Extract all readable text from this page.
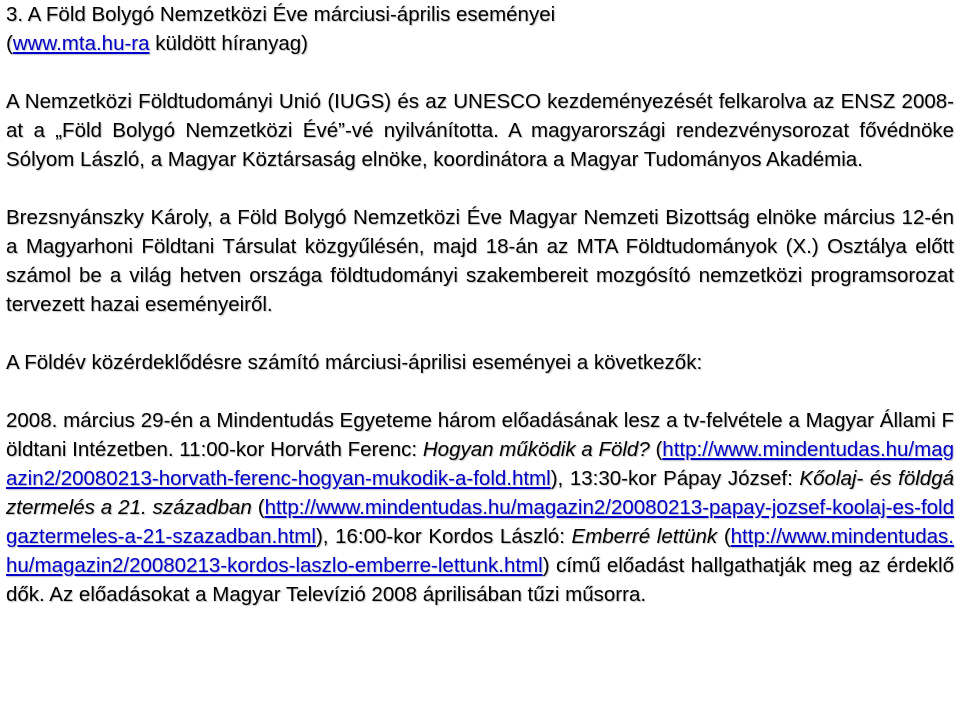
3. A Föld Bolygó Nemzetközi Éve márciusi-április eseményei
(www.mta.hu-ra küldött híranyag)

A Nemzetközi Földtudományi Unió (IUGS) és az UNESCO kezdeményezését felkarolva az ENSZ 2008-at a „Föld Bolygó Nemzetközi Évé”-vé nyilvánította. A magyarországi rendezvénysorozat fővédnöke Sólyom László, a Magyar Köztársaság elnöke, koordinátora a Magyar Tudományos Akadémia.

Brezsnyánszky Károly, a Föld Bolygó Nemzetközi Éve Magyar Nemzeti Bizottság elnöke március 12-én a Magyarhoni Földtani Társulat közgyűlésén, majd 18-án az MTA Földtudományok (X.) Osztálya előtt számol be a világ hetven országa földtudományi szakembereit mozgósító nemzetközi programsorozat tervezett hazai eseményeiről.

A Földév közérdeklődésre számító márciusi-áprilisi eseményei a következők:

2008. március 29-én a Mindentudás Egyeteme három előadásának lesz a tv-felvétele a Magyar Állami Földtani Intézetben. 11:00-kor Horváth Ferenc: Hogyan működik a Föld? (http://www.mindentudas.hu/magazin2/20080213-horvath-ferenc-hogyan-mukodik-a-fold.html), 13:30-kor Pápay József: Kőolaj- és földgáztermelés a 21. században (http://www.mindentudas.hu/magazin2/20080213-papay-jozsef-koolaj-es-foldgaztermeles-a-21-szazadban.html), 16:00-kor Kordos László: Emberré lettünk (http://www.mindentudas.hu/magazin2/20080213-kordos-laszlo-emberre-lettunk.html) című előadást hallgathatják meg az érdeklődők. Az előadásokat a Magyar Televízió 2008 áprilisában tűzi műsorra.
